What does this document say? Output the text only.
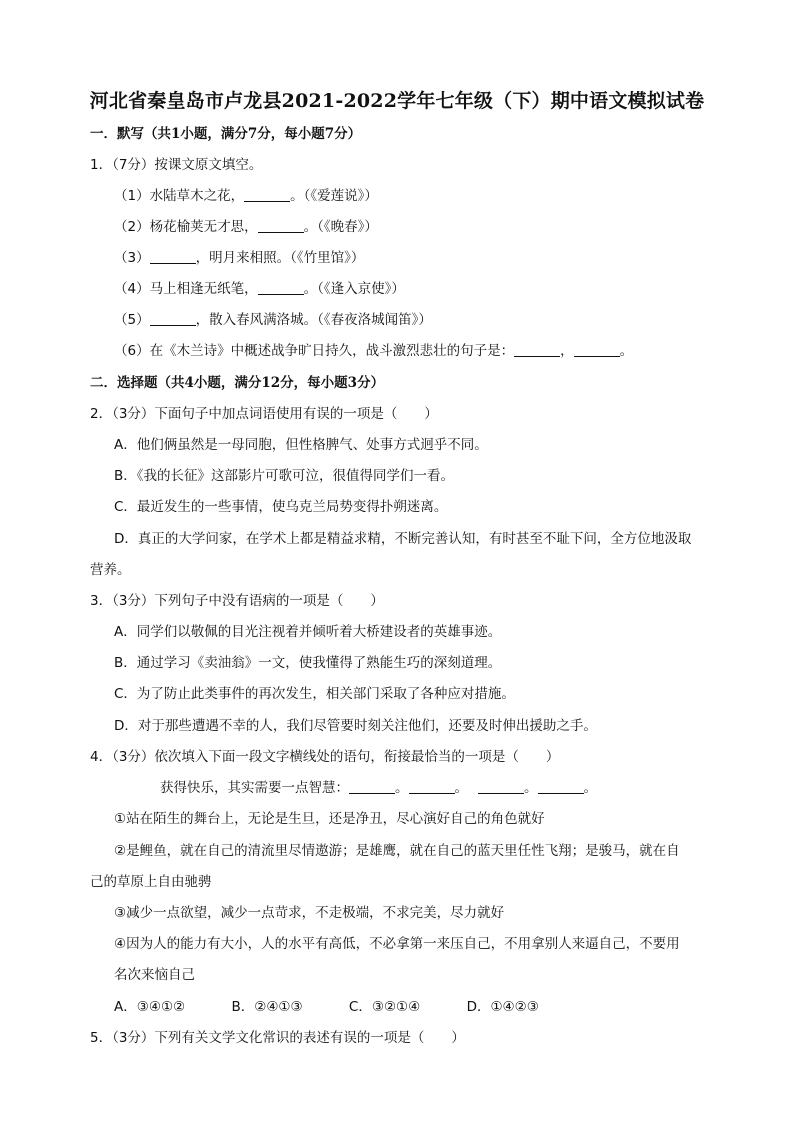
河北省秦皇岛市卢龙县2021-2022学年七年级（下）期中语文模拟试卷
一．默写（共1小题，满分7分，每小题7分）
1．（7分）按课文原文填空。
（1）水陆草木之花，	。（《爱莲说》）
（2）杨花榆荚无才思，	。（《晚春》）
（3）	，明月来相照。（《竹里馆》）
（4）马上相逢无纸笔，	。（《逢入京使》）
（5）	，散入春风满洛城。（《春夜洛城闻笛》）
（6）在《木兰诗》中概述战争旷日持久，战斗激烈悲壮的句子是：	，	。
二．选择题（共4小题，满分12分，每小题3分）
2．（3分）下面句子中加点词语使用有误的一项是（　　）
A．他们俩虽然是一母同胞，但性格脾气、处事方式迥乎不同。
B．《我的长征》这部影片可歌可泣，很值得同学们一看。
C．最近发生的一些事情，使乌克兰局势变得扑朔迷离。
D．真正的大学问家，在学术上都是精益求精，不断完善认知，有时甚至不耻下问，全方位地汲取
营养。
3．（3分）下列句子中没有语病的一项是（　　）
A．同学们以敬佩的目光注视着并倾听着大桥建设者的英雄事迹。
B．通过学习《卖油翁》一文，使我懂得了熟能生巧的深刻道理。
C．为了防止此类事件的再次发生，相关部门采取了各种应对措施。
D．对于那些遭遇不幸的人，我们尽管要时刻关注他们，还要及时伸出援助之手。
4．（3分）依次填入下面一段文字横线处的语句，衔接最恰当的一项是（　　）
获得快乐，其实需要一点智慧：	。	。	。	。
①站在陌生的舞台上，无论是生旦，还是净丑，尽心演好自己的角色就好
②是鲤鱼，就在自己的清流里尽情遨游；是雄鹰，就在自己的蓝天里任性飞翔；是骏马，就在自
己的草原上自由驰骋
③减少一点欲望，减少一点苛求，不走极端，不求完美，尽力就好
④因为人的能力有大小，人的水平有高低，不必拿第一来压自己，不用拿别人来逼自己，不要用
名次来恼自己
A．③④①②	B．②④①③	C．③②①④	D．①④②③
5．（3分）下列有关文学文化常识的表述有误的一项是（　　）
